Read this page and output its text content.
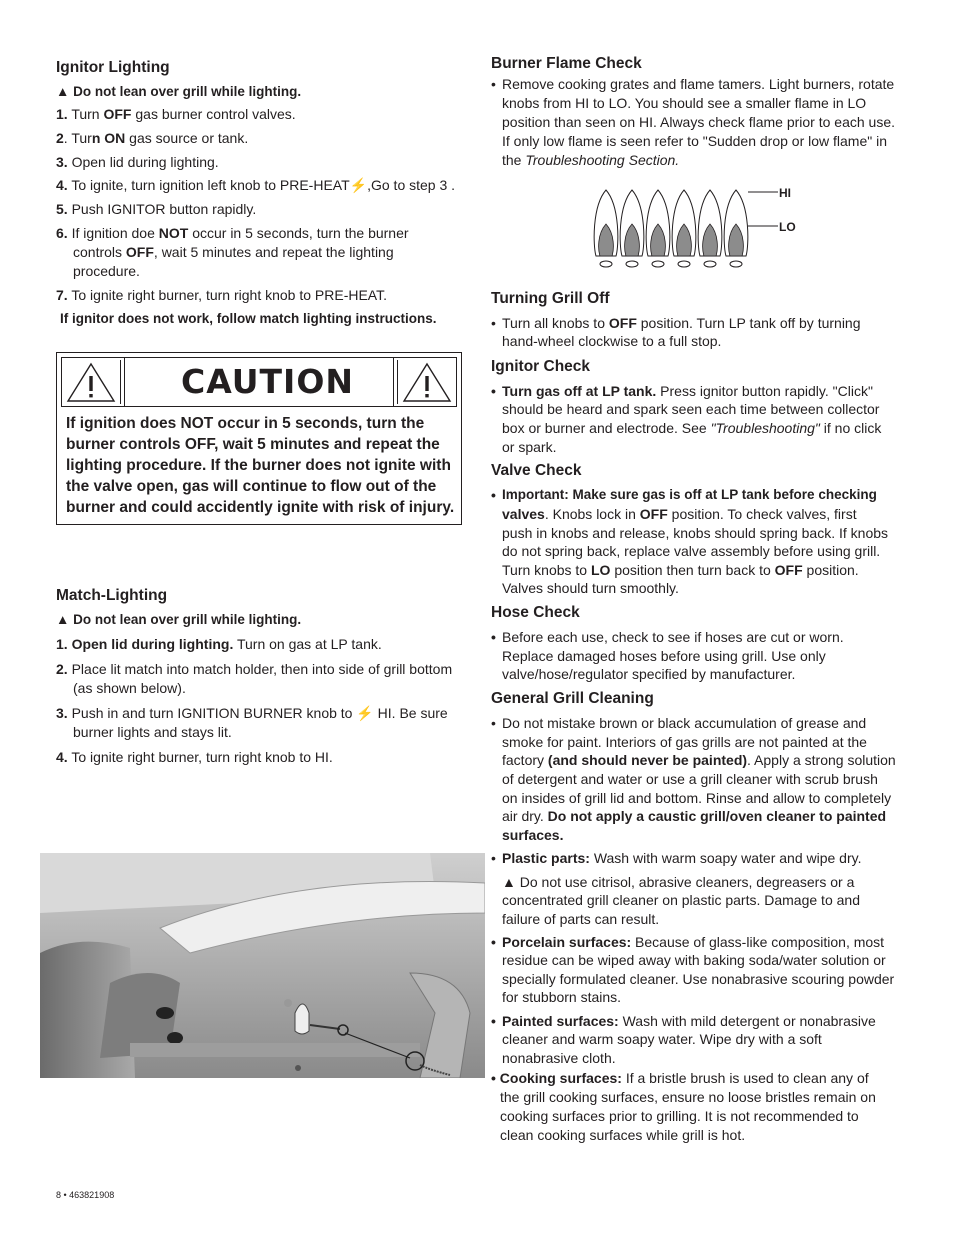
Ignitor Lighting
▲ Do not lean over grill while lighting.
1. Turn OFF gas burner control valves.
2. Turn ON gas source or tank.
3. Open lid during lighting.
4. To ignite, turn ignition left knob to PRE-HEAT⚡,Go to step 3 .
5. Push IGNITOR button rapidly.
6. If ignition doe NOT occur in 5 seconds, turn the burner
controls OFF, wait 5 minutes and repeat the lighting
procedure.
7. To ignite right burner, turn right knob to PRE-HEAT.
If ignitor does not work, follow match lighting instructions.
CAUTION
If ignition does NOT occur in 5 seconds, turn the burner controls OFF, wait 5 minutes and repeat the lighting procedure. If the burner does not ignite with the valve open, gas will continue to flow out of the burner and could accidently ignite with risk of injury.
Match-Lighting
▲ Do not lean over grill while lighting.
1. Open lid during lighting. Turn on gas at LP tank.
2. Place lit match into match holder, then into side of grill bottom
(as shown below).
3. Push in and turn IGNITION BURNER knob to ⚡ HI. Be sure
burner lights and stays lit.
4. To ignite right burner, turn right knob to HI.
Burner Flame Check
• Remove cooking grates and flame tamers. Light burners, rotate
knobs from HI to LO. You should see a smaller flame in LO
position than seen on HI. Always check flame prior to each use.
If only low flame is seen refer to "Sudden drop or low flame" in
the Troubleshooting Section.
HI
LO
Turning Grill Off
• Turn all knobs to OFF position. Turn LP tank off by turning
hand-wheel clockwise to a full stop.
Ignitor Check
• Turn gas off at LP tank. Press ignitor button rapidly. "Click"
should be heard and spark seen each time between collector
box or burner and electrode. See "Troubleshooting" if no click
or spark.
Valve Check
• Important: Make sure gas is off at LP tank before checking
valves. Knobs lock in OFF position. To check valves, first
push in knobs and release, knobs should spring back. If knobs
do not spring back, replace valve assembly before using grill.
Turn knobs to LO position then turn back to OFF position.
Valves should turn smoothly.
Hose Check
• Before each use, check to see if hoses are cut or worn.
Replace damaged hoses before using grill. Use only
valve/hose/regulator specified by manufacturer.
General Grill Cleaning
• Do not mistake brown or black accumulation of grease and
smoke for paint. Interiors of gas grills are not painted at the
factory (and should never be painted). Apply a strong solution
of detergent and water or use a grill cleaner with scrub brush
on insides of grill lid and bottom. Rinse and allow to completely
air dry. Do not apply a caustic grill/oven cleaner to painted
surfaces.
• Plastic parts: Wash with warm soapy water and wipe dry.
▲ Do not use citrisol, abrasive cleaners, degreasers or a
concentrated grill cleaner on plastic parts. Damage to and
failure of parts can result.
• Porcelain surfaces: Because of glass-like composition, most
residue can be wiped away with baking soda/water solution or
specially formulated cleaner. Use nonabrasive scouring powder
for stubborn stains.
• Painted surfaces: Wash with mild detergent or nonabrasive
cleaner and warm soapy water. Wipe dry with a soft
nonabrasive cloth.
• Cooking surfaces: If a bristle brush is used to clean any of
the grill cooking surfaces, ensure no loose bristles remain on
cooking surfaces prior to grilling. It is not recommended to
clean cooking surfaces while grill is hot.
8 • 463821908
